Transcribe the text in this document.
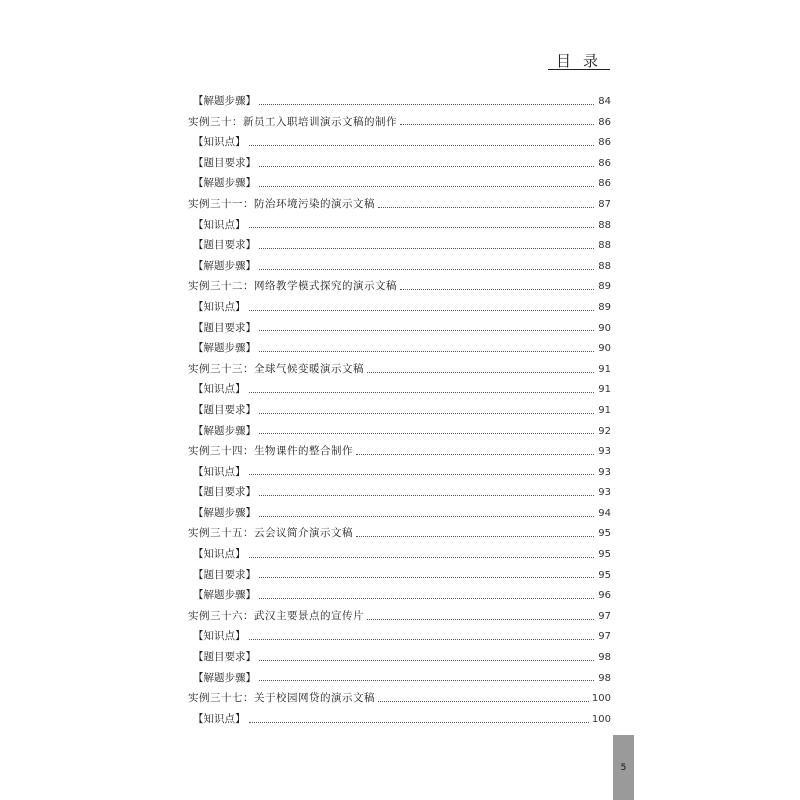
目录
【解题步骤】	84
实例三十：新员工入职培训演示文稿的制作	86
【知识点】	86
【题目要求】	86
【解题步骤】	86
实例三十一：防治环境污染的演示文稿	87
【知识点】	88
【题目要求】	88
【解题步骤】	88
实例三十二：网络教学模式探究的演示文稿	89
【知识点】	89
【题目要求】	90
【解题步骤】	90
实例三十三：全球气候变暖演示文稿	91
【知识点】	91
【题目要求】	91
【解题步骤】	92
实例三十四：生物课件的整合制作	93
【知识点】	93
【题目要求】	93
【解题步骤】	94
实例三十五：云会议简介演示文稿	95
【知识点】	95
【题目要求】	95
【解题步骤】	96
实例三十六：武汉主要景点的宣传片	97
【知识点】	97
【题目要求】	98
【解题步骤】	98
实例三十七：关于校园网贷的演示文稿	100
【知识点】	100
5
